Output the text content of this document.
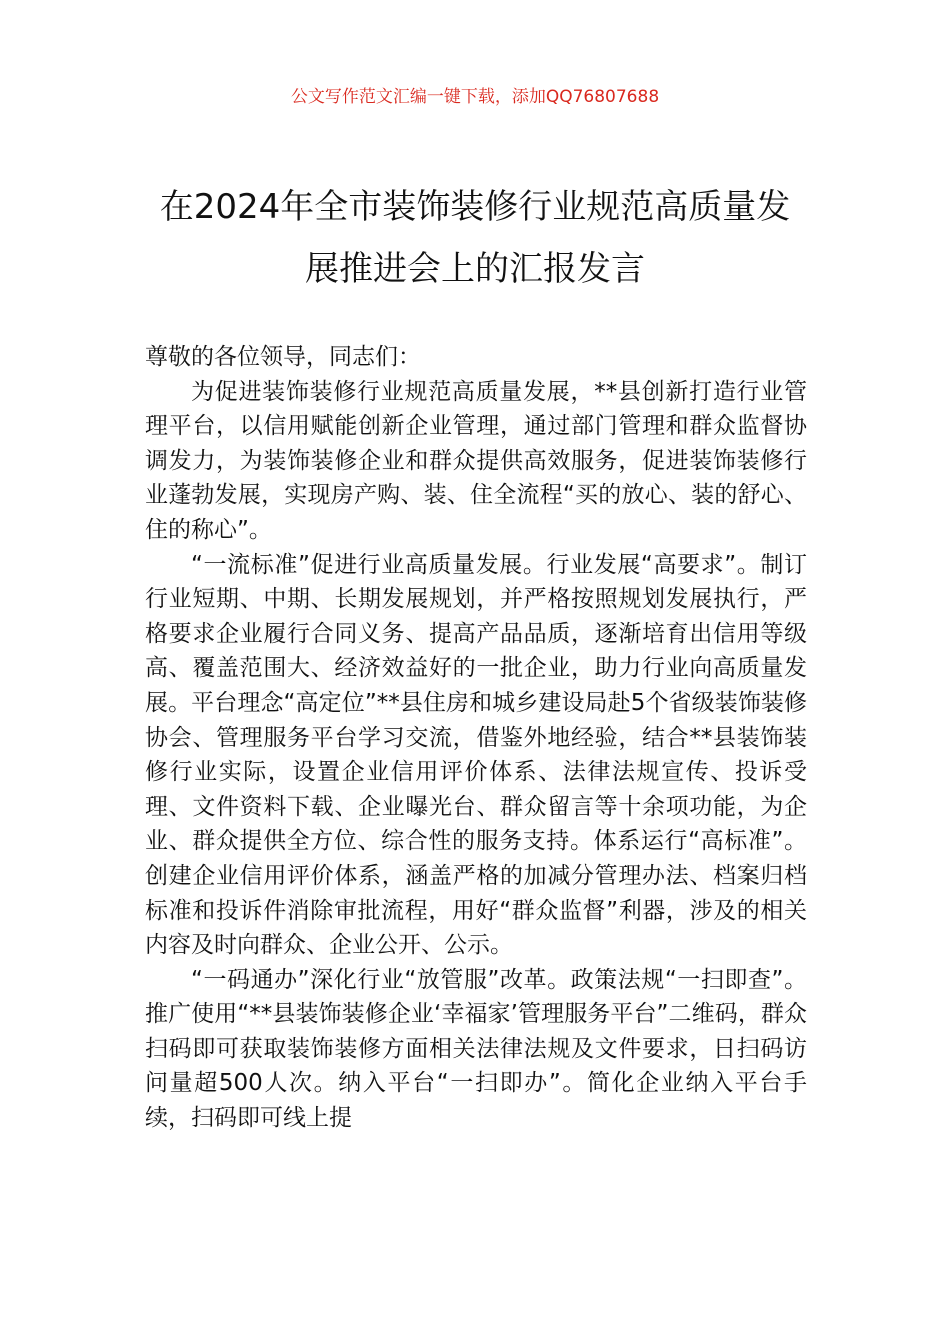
公文写作范文汇编一键下载，添加QQ76807688
在2024年全市装饰装修行业规范高质量发
展推进会上的汇报发言

尊敬的各位领导，同志们：

为促进装饰装修行业规范高质量发展，**县创新打造行业管理平台，以信用赋能创新企业管理，通过部门管理和群众监督协调发力，为装饰装修企业和群众提供高效服务，促进装饰装修行业蓬勃发展，实现房产购、装、住全流程“买的放心、装的舒心、住的称心”。

“一流标准”促进行业高质量发展。行业发展“高要求”。制订行业短期、中期、长期发展规划，并严格按照规划发展执行，严格要求企业履行合同义务、提高产品品质，逐渐培育出信用等级高、覆盖范围大、经济效益好的一批企业，助力行业向高质量发展。平台理念“高定位”**县住房和城乡建设局赴5个省级装饰装修协会、管理服务平台学习交流，借鉴外地经验，结合**县装饰装修行业实际，设置企业信用评价体系、法律法规宣传、投诉受理、文件资料下载、企业曝光台、群众留言等十余项功能，为企业、群众提供全方位、综合性的服务支持。体系运行“高标准”。创建企业信用评价体系，涵盖严格的加减分管理办法、档案归档标准和投诉件消除审批流程，用好“群众监督”利器，涉及的相关内容及时向群众、企业公开、公示。

“一码通办”深化行业“放管服”改革。政策法规“一扫即查”。推广使用“**县装饰装修企业‘幸福家’管理服务平台”二维码，群众扫码即可获取装饰装修方面相关法律法规及文件要求，日扫码访问量超500人次。纳入平台“一扫即办”。简化企业纳入平台手续，扫码即可线上提
